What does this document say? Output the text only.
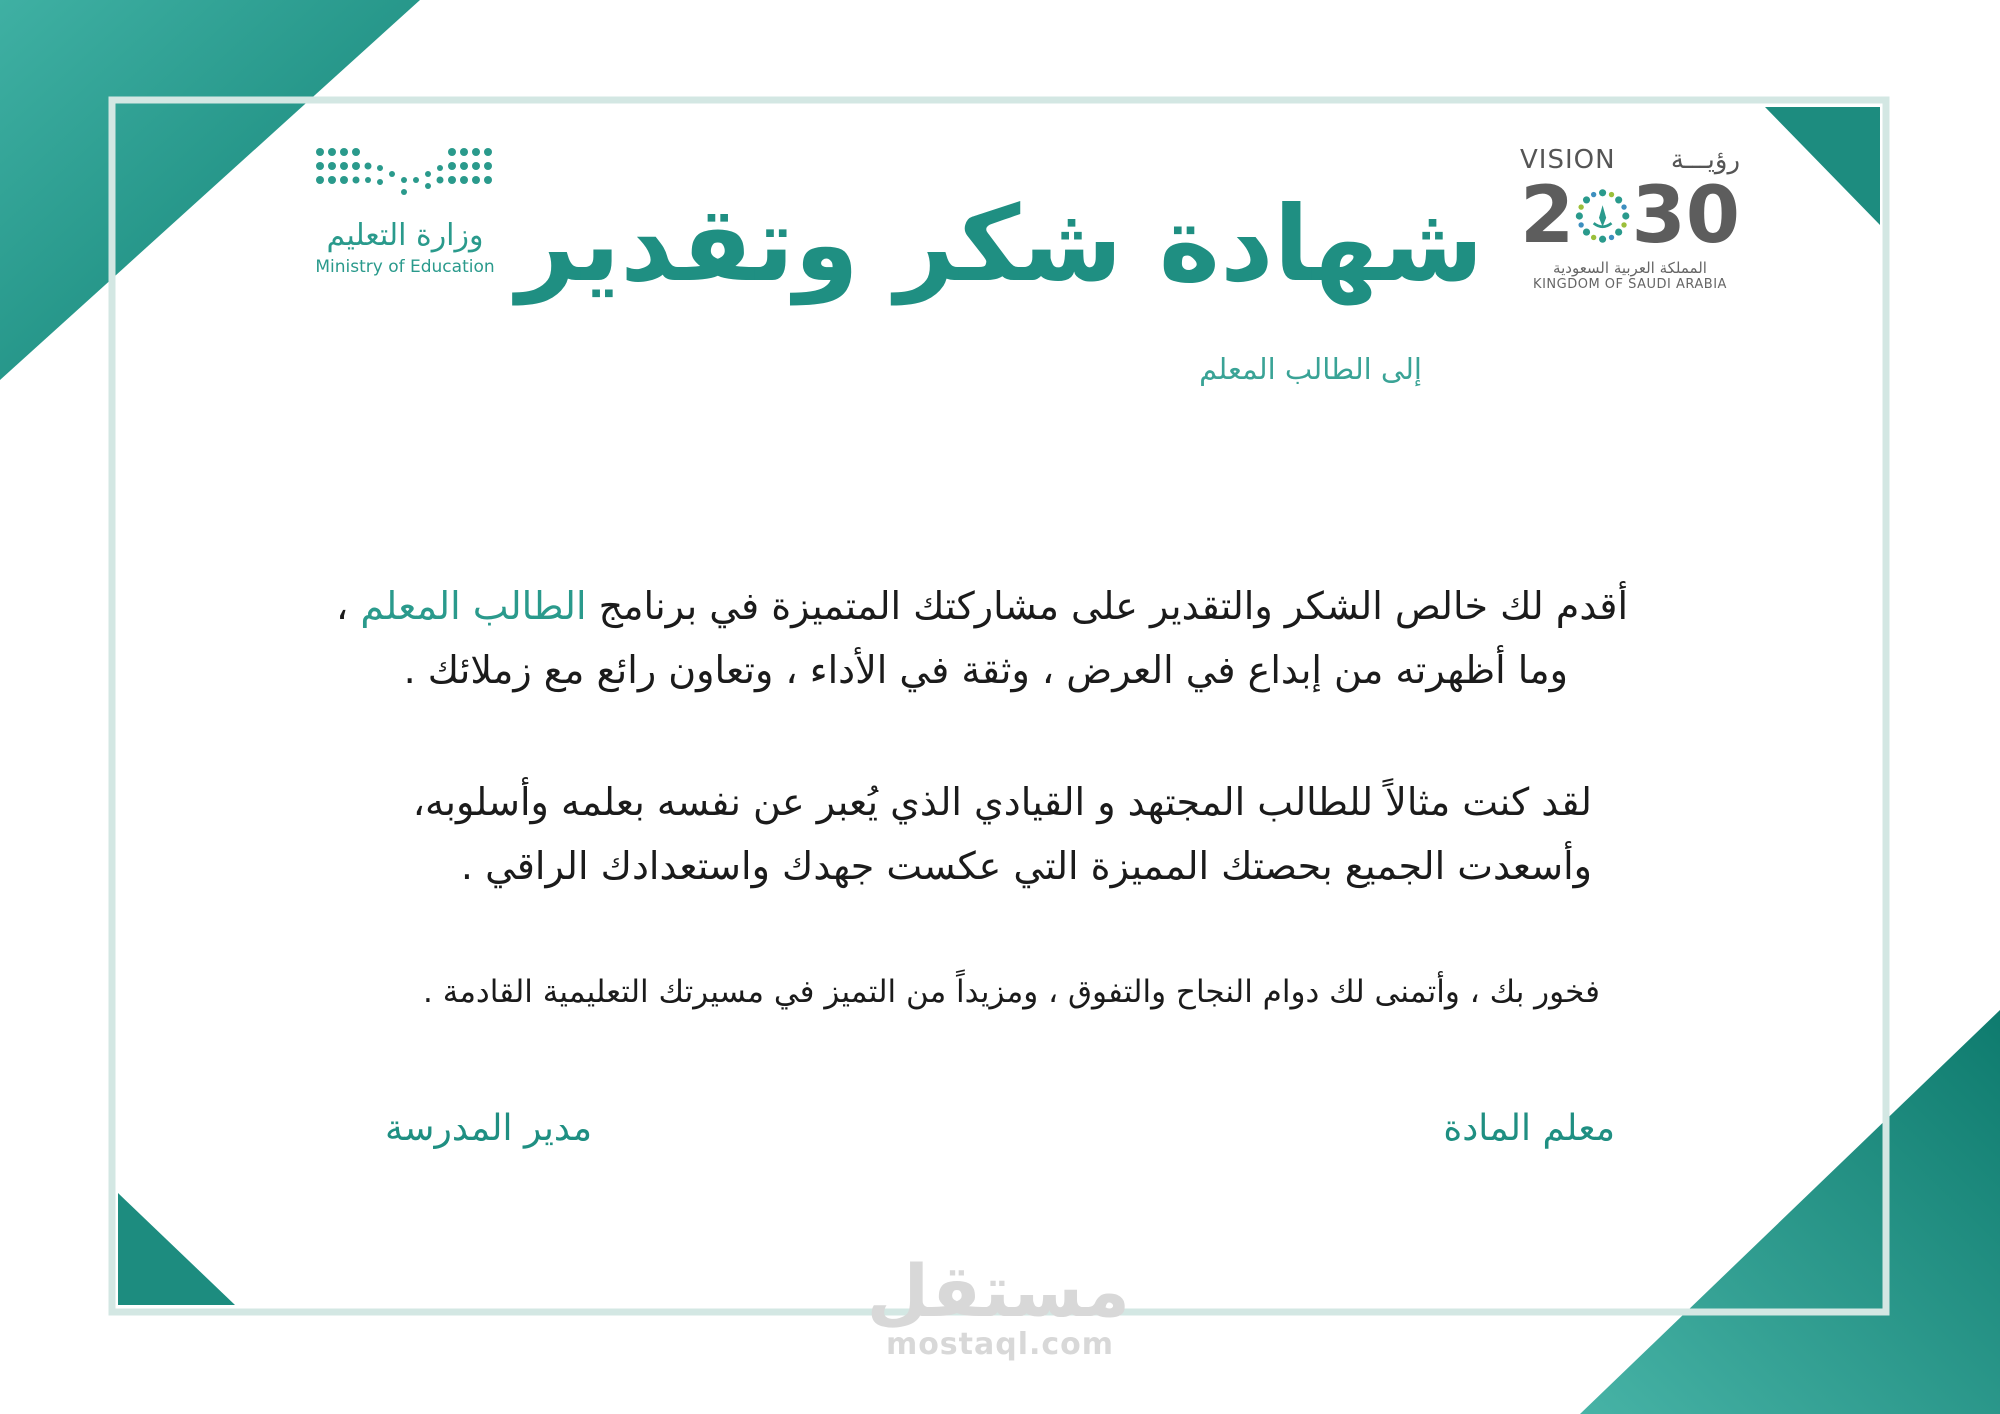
وزارة التعليم
Ministry of Education
VISION رؤيـــة
2 30
المملكة العربية السعودية
KINGDOM OF SAUDI ARABIA
شهادة شكر وتقدير
إلى الطالب المعلم
أقدم لك خالص الشكر والتقدير على مشاركتك المتميزة في برنامج الطالب المعلم ،
وما أظهرته من إبداع في العرض ، وثقة في الأداء ، وتعاون رائع مع زملائك .
لقد كنت مثالاً للطالب المجتهد و القيادي الذي يُعبر عن نفسه بعلمه وأسلوبه،
وأسعدت الجميع بحصتك المميزة التي عكست جهدك واستعدادك الراقي .
فخور بك ، وأتمنى لك دوام النجاح والتفوق ، ومزيداً من التميز في مسيرتك التعليمية القادمة .
معلم المادة
مدير المدرسة
مستقل
mostaql.com
